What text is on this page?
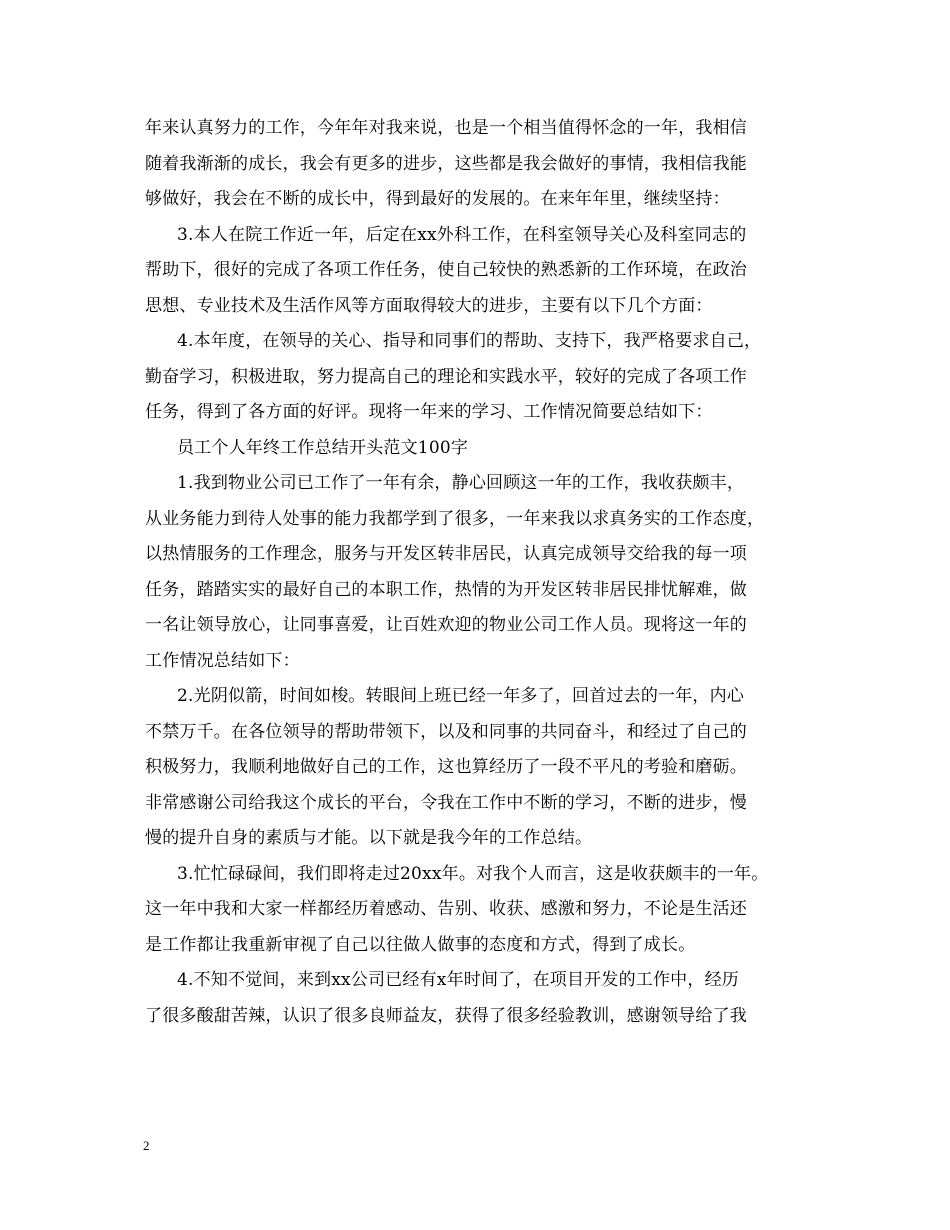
年来认真努力的工作，今年年对我来说，也是一个相当值得怀念的一年，我相信
随着我渐渐的成长，我会有更多的进步，这些都是我会做好的事情，我相信我能
够做好，我会在不断的成长中，得到最好的发展的。在来年年里，继续坚持：
3.本人在院工作近一年，后定在xx外科工作，在科室领导关心及科室同志的
帮助下，很好的完成了各项工作任务，使自己较快的熟悉新的工作环境，在政治
思想、专业技术及生活作风等方面取得较大的进步，主要有以下几个方面：
4.本年度，在领导的关心、指导和同事们的帮助、支持下，我严格要求自己，
勤奋学习，积极进取，努力提高自己的理论和实践水平，较好的完成了各项工作
任务，得到了各方面的好评。现将一年来的学习、工作情况简要总结如下：
员工个人年终工作总结开头范文100字
1.我到物业公司已工作了一年有余，静心回顾这一年的工作，我收获颇丰，
从业务能力到待人处事的能力我都学到了很多，一年来我以求真务实的工作态度，
以热情服务的工作理念，服务与开发区转非居民，认真完成领导交给我的每一项
任务，踏踏实实的最好自己的本职工作，热情的为开发区转非居民排忧解难，做
一名让领导放心，让同事喜爱，让百姓欢迎的物业公司工作人员。现将这一年的
工作情况总结如下：
2.光阴似箭，时间如梭。转眼间上班已经一年多了，回首过去的一年，内心
不禁万千。在各位领导的帮助带领下，以及和同事的共同奋斗，和经过了自己的
积极努力，我顺利地做好自己的工作，这也算经历了一段不平凡的考验和磨砺。
非常感谢公司给我这个成长的平台，令我在工作中不断的学习，不断的进步，慢
慢的提升自身的素质与才能。以下就是我今年的工作总结。
3.忙忙碌碌间，我们即将走过20xx年。对我个人而言，这是收获颇丰的一年。
这一年中我和大家一样都经历着感动、告别、收获、感激和努力，不论是生活还
是工作都让我重新审视了自己以往做人做事的态度和方式，得到了成长。
4.不知不觉间，来到xx公司已经有x年时间了，在项目开发的工作中，经历
了很多酸甜苦辣，认识了很多良师益友，获得了很多经验教训，感谢领导给了我
2
